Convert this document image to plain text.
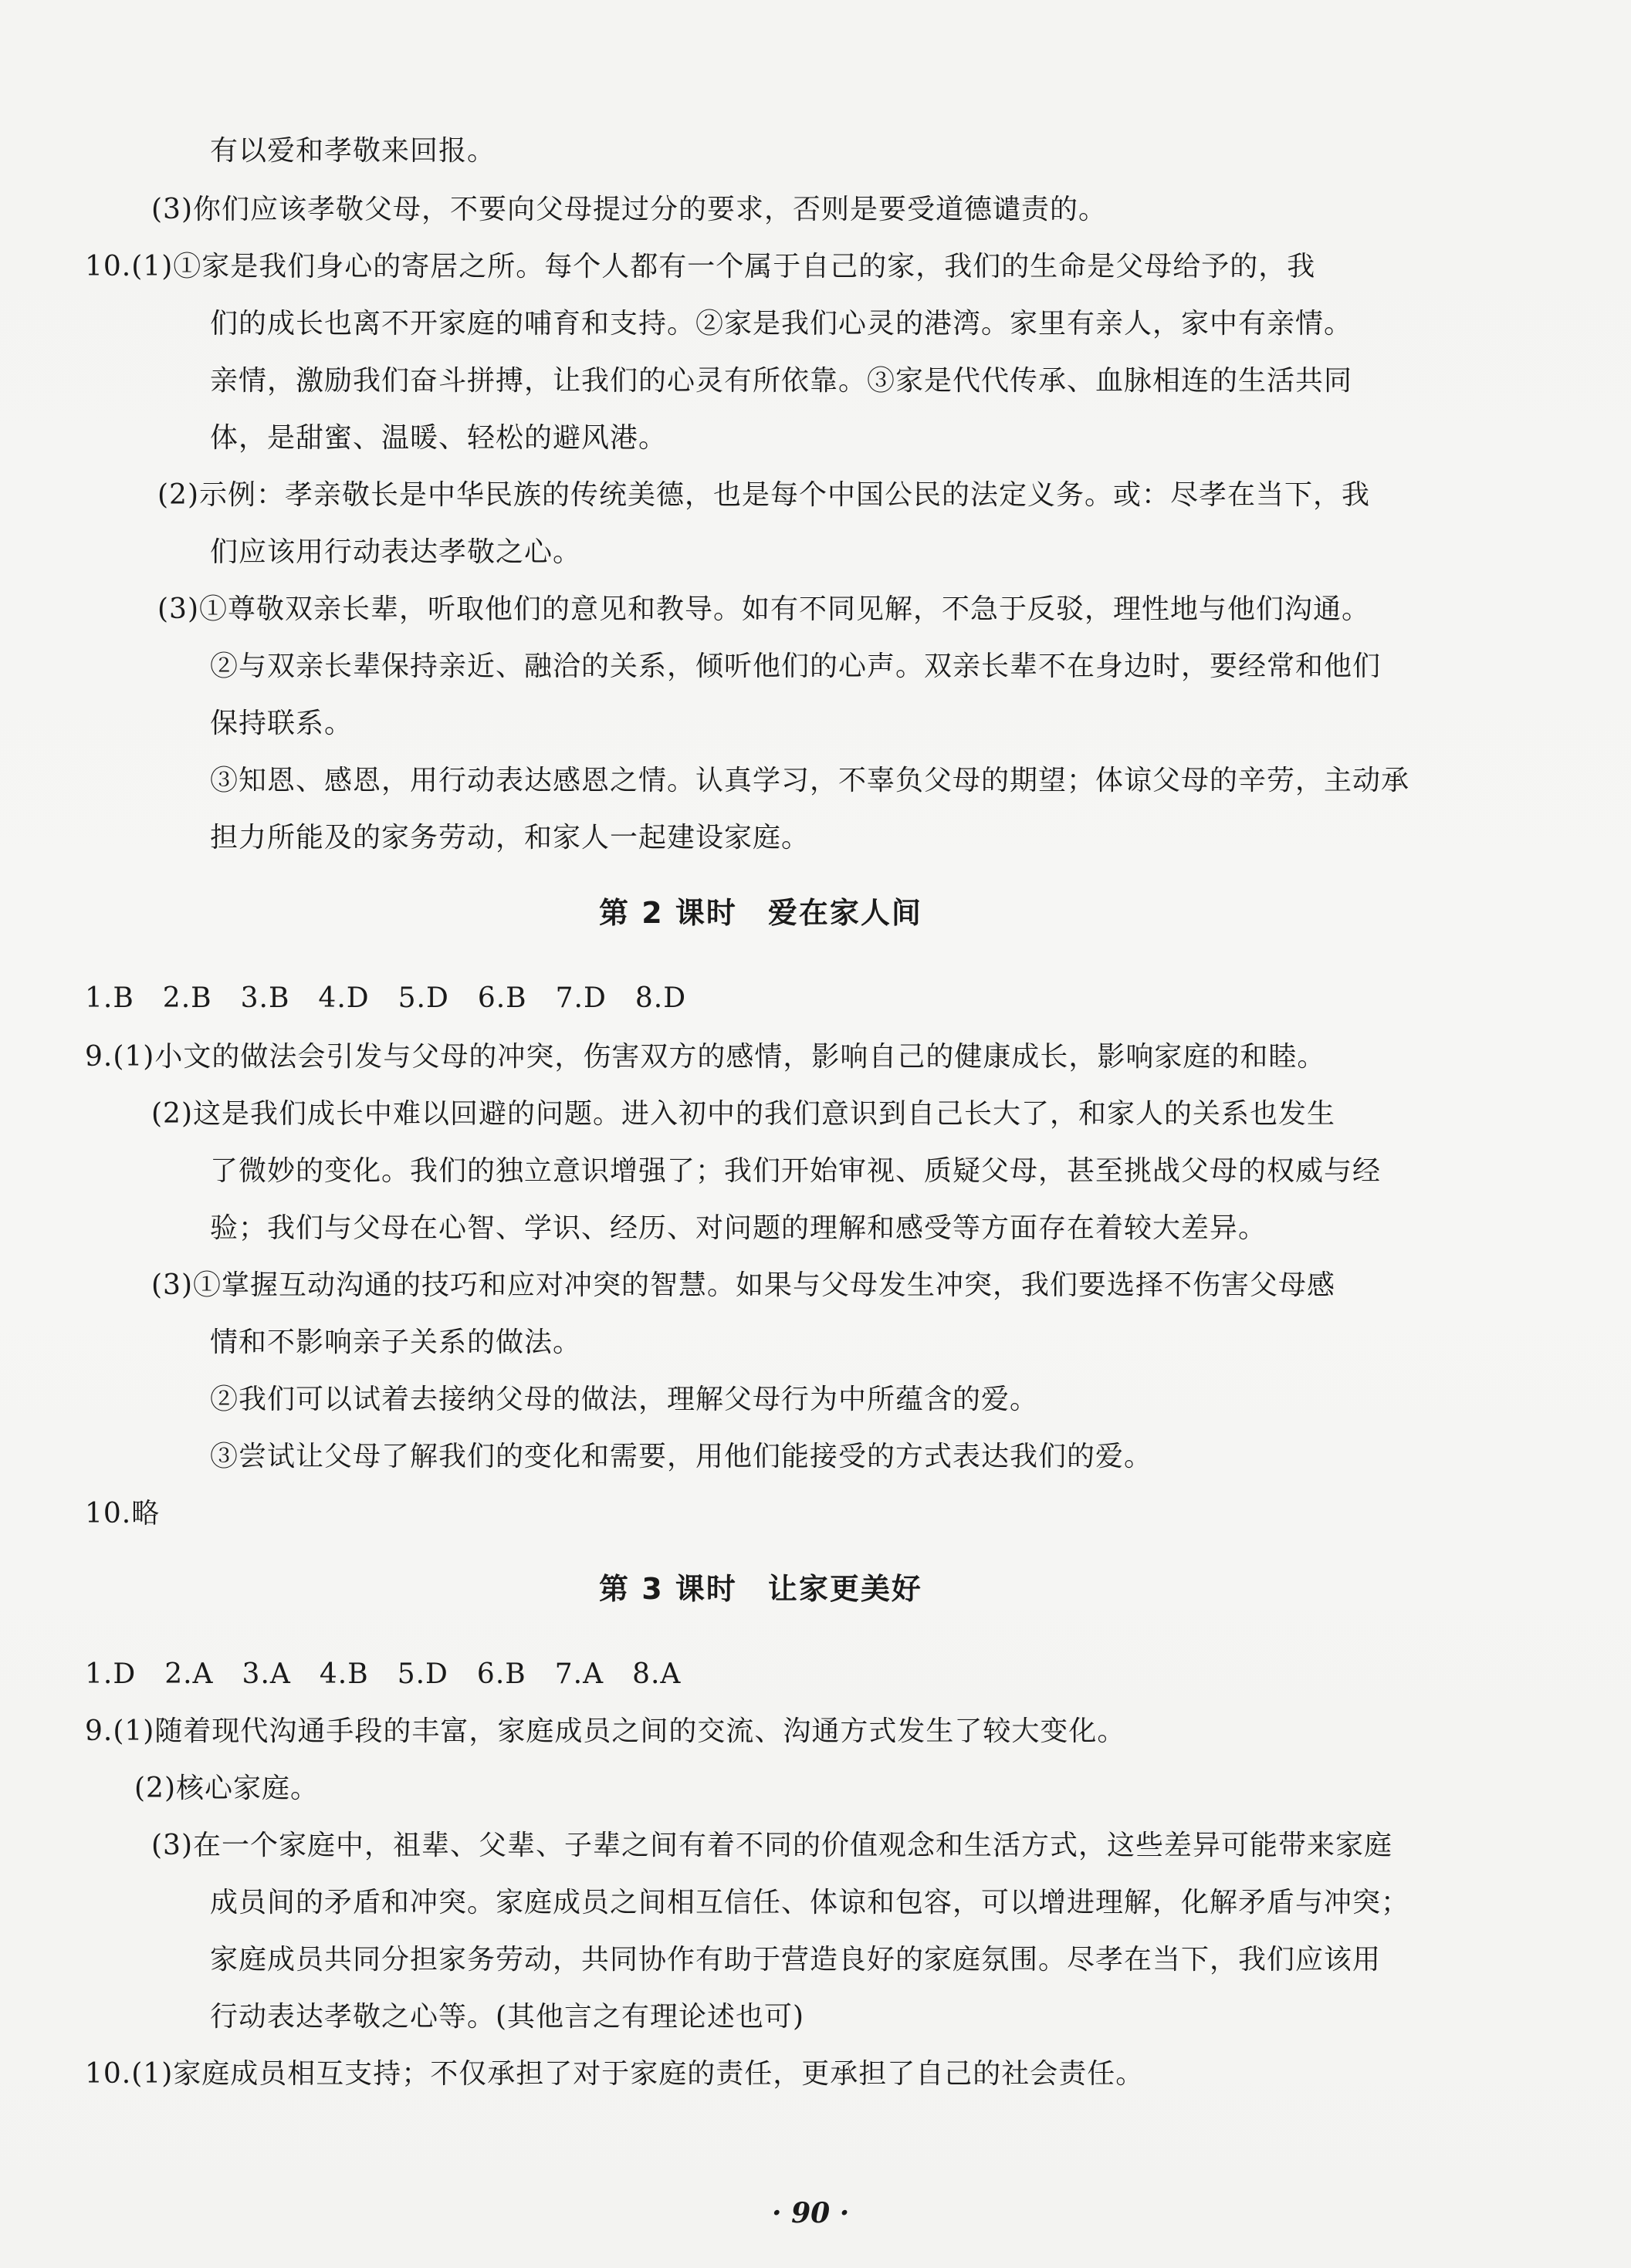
有以爱和孝敬来回报。
(3)你们应该孝敬父母，不要向父母提过分的要求，否则是要受道德谴责的。
10.(1)①家是我们身心的寄居之所。每个人都有一个属于自己的家，我们的生命是父母给予的，我
们的成长也离不开家庭的哺育和支持。②家是我们心灵的港湾。家里有亲人，家中有亲情。
亲情，激励我们奋斗拼搏，让我们的心灵有所依靠。③家是代代传承、血脉相连的生活共同
体，是甜蜜、温暖、轻松的避风港。
(2)示例：孝亲敬长是中华民族的传统美德，也是每个中国公民的法定义务。或：尽孝在当下，我
们应该用行动表达孝敬之心。
(3)①尊敬双亲长辈，听取他们的意见和教导。如有不同见解，不急于反驳，理性地与他们沟通。
②与双亲长辈保持亲近、融洽的关系，倾听他们的心声。双亲长辈不在身边时，要经常和他们
保持联系。
③知恩、感恩，用行动表达感恩之情。认真学习，不辜负父母的期望；体谅父母的辛劳，主动承
担力所能及的家务劳动，和家人一起建设家庭。
第 2 课时　爱在家人间
1.B　2.B　3.B　4.D　5.D　6.B　7.D　8.D
9.(1)小文的做法会引发与父母的冲突，伤害双方的感情，影响自己的健康成长，影响家庭的和睦。
(2)这是我们成长中难以回避的问题。进入初中的我们意识到自己长大了，和家人的关系也发生
了微妙的变化。我们的独立意识增强了；我们开始审视、质疑父母，甚至挑战父母的权威与经
验；我们与父母在心智、学识、经历、对问题的理解和感受等方面存在着较大差异。
(3)①掌握互动沟通的技巧和应对冲突的智慧。如果与父母发生冲突，我们要选择不伤害父母感
情和不影响亲子关系的做法。
②我们可以试着去接纳父母的做法，理解父母行为中所蕴含的爱。
③尝试让父母了解我们的变化和需要，用他们能接受的方式表达我们的爱。
10.略
第 3 课时　让家更美好
1.D　2.A　3.A　4.B　5.D　6.B　7.A　8.A
9.(1)随着现代沟通手段的丰富，家庭成员之间的交流、沟通方式发生了较大变化。
(2)核心家庭。
(3)在一个家庭中，祖辈、父辈、子辈之间有着不同的价值观念和生活方式，这些差异可能带来家庭
成员间的矛盾和冲突。家庭成员之间相互信任、体谅和包容，可以增进理解，化解矛盾与冲突；
家庭成员共同分担家务劳动，共同协作有助于营造良好的家庭氛围。尽孝在当下，我们应该用
行动表达孝敬之心等。(其他言之有理论述也可)
10.(1)家庭成员相互支持；不仅承担了对于家庭的责任，更承担了自己的社会责任。
· 90 ·
